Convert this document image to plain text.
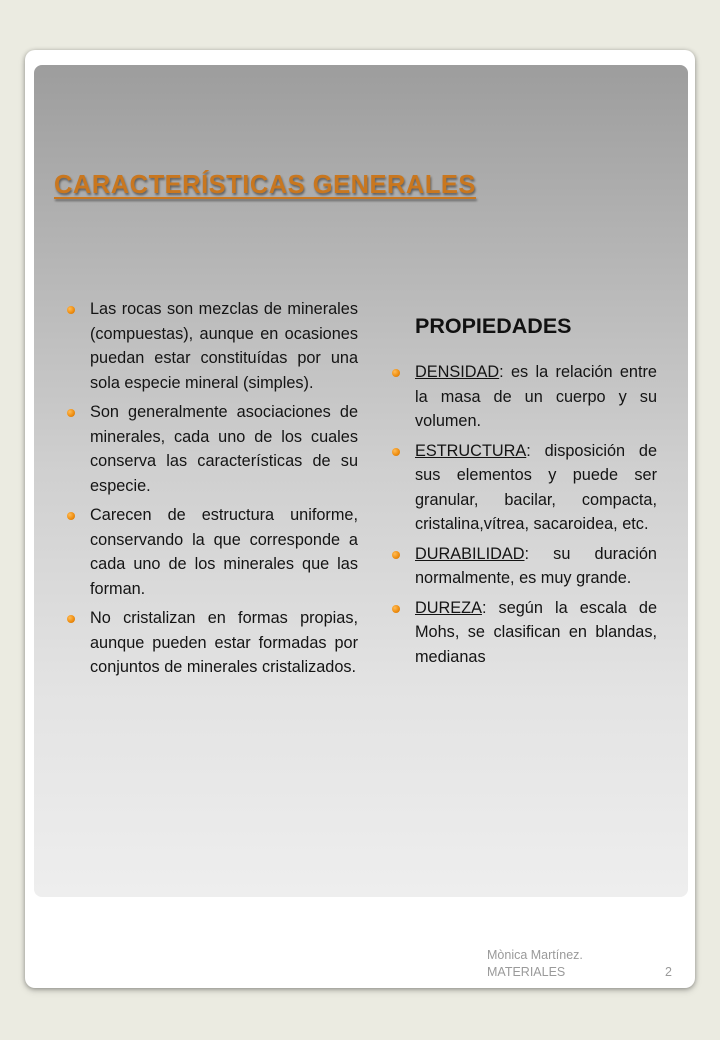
CARACTERÍSTICAS GENERALES
Las rocas son mezclas de minerales (compuestas), aunque en ocasiones puedan estar constituídas por una sola especie mineral (simples).
Son generalmente asociaciones de minerales, cada uno de los cuales conserva las características de su especie.
Carecen de estructura uniforme, conservando la que corresponde a cada uno de los minerales que las forman.
No cristalizan en formas propias, aunque pueden estar formadas por conjuntos de minerales cristalizados.
PROPIEDADES
DENSIDAD: es la relación entre la masa de un cuerpo y su volumen.
ESTRUCTURA: disposición de sus elementos y puede ser granular, bacilar, compacta, cristalina,vítrea, sacaroidea, etc.
DURABILIDAD: su duración normalmente, es muy grande.
DUREZA: según la escala de Mohs, se clasifican en blandas, medianas
Mònica Martínez.
MATERIALES	2
